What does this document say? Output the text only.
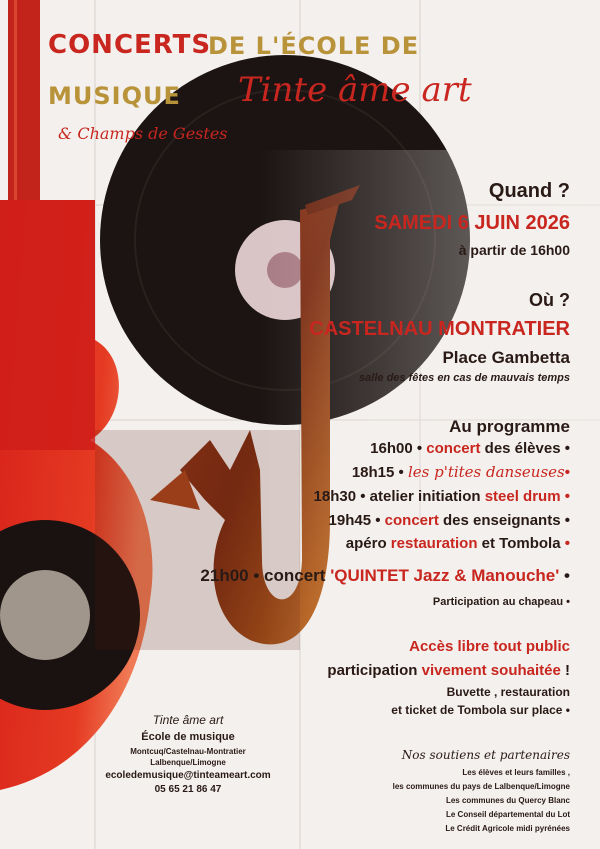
CONCERTS
DE L'ÉCOLE DE
MUSIQUE Tinte âme art
& Champs de Gestes
Quand ?
SAMEDI 6 JUIN 2026
à partir de 16h00
Où ?
CASTELNAU MONTRATIER
Place Gambetta
salle des fêtes en cas de mauvais temps
Au programme
16h00 • concert des élèves •
18h15 • les p'tites danseuses•
18h30 • atelier initiation steel drum •
19h45 • concert des enseignants •
apéro restauration et Tombola •
21h00 • concert 'QUINTET Jazz & Manouche' •
Participation au chapeau •
Accès libre tout public
participation vivement souhaitée !
Buvette , restauration
et ticket de Tombola sur place •
Tinte âme art
École de musique
Montcuq/Castelnau-Montratier
Lalbenque/Limogne
ecoledemusique@tinteameart.com
05 65 21 86 47
Nos soutiens et partenaires
Les élèves et leurs familles ,
les communes du pays de Lalbenque/Limogne
Les communes du Quercy Blanc
Le Conseil départemental du Lot
Le Crédit Agricole midi pyrénées
